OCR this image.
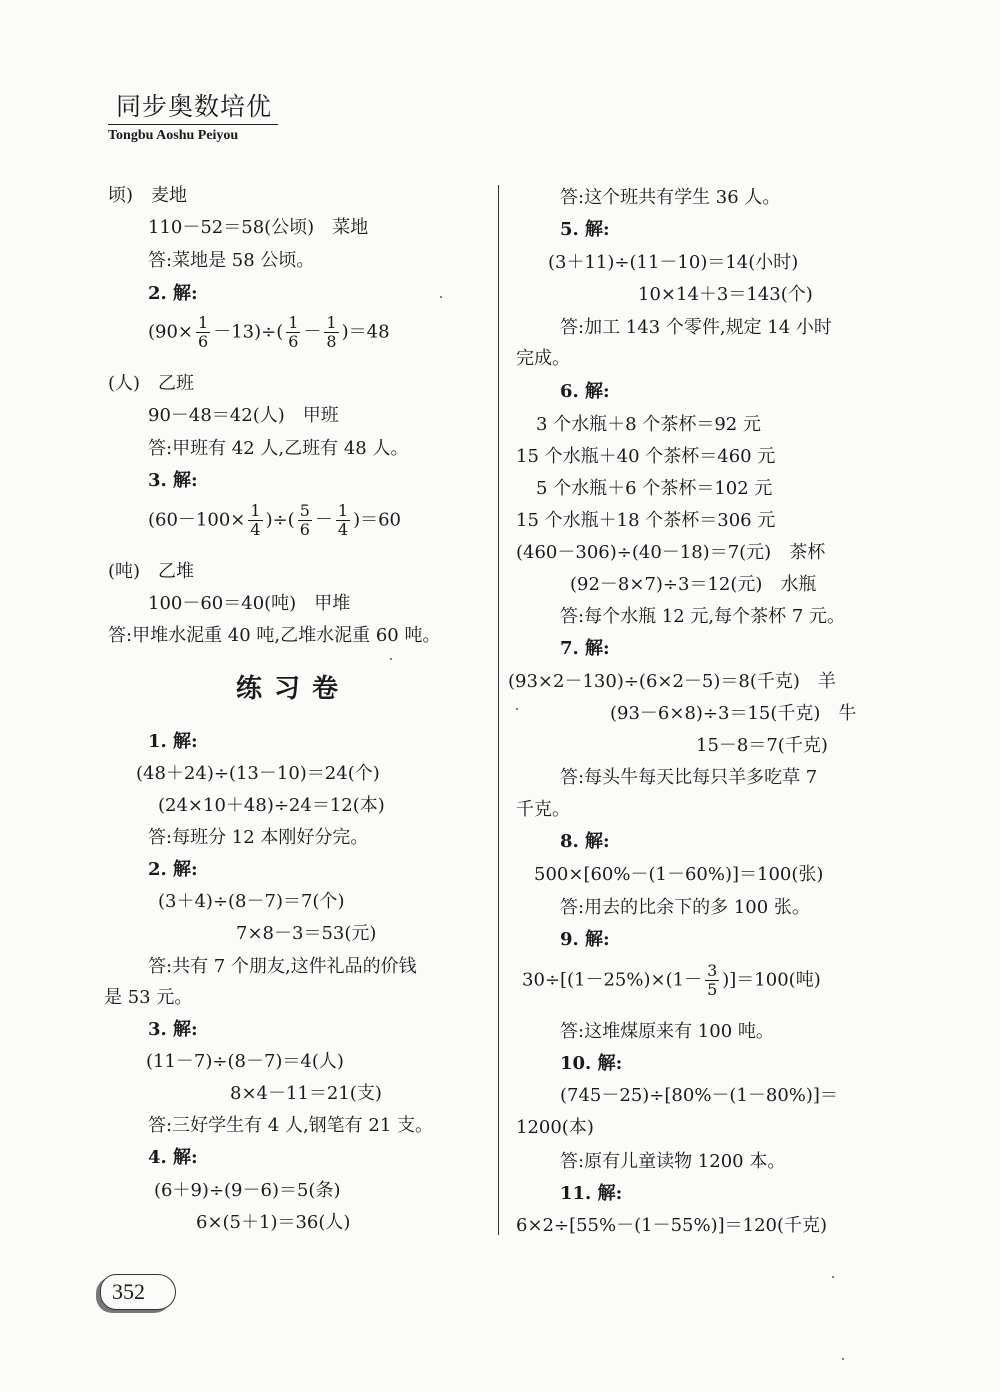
同步奥数培优
Tongbu Aoshu Peiyou
顷)　麦地
110－52＝58(公顷)　菜地
答:菜地是 58 公顷。
2. 解:
$(90\times \frac{1}{6} -13)\div( \frac{1}{6} - \frac{1}{8} )=48$
(人)　乙班
90－48＝42(人)　甲班
答:甲班有 42 人,乙班有 48 人。
3. 解:
($60-100\times \frac{1}{4}$ )÷( $\frac{5}{6} - \frac{1}{4} )=60$
(吨)　乙堆
100－60＝40(吨)　甲堆
答:甲堆水泥重 40 吨,乙堆水泥重 60 吨。
练习卷
1. 解:
(48＋24)÷(13－10)＝24(个)
(24×10＋48)÷24＝12(本)
答:每班分 12 本刚好分完。
2. 解:
(3＋4)÷(8－7)＝7(个)
7×8－3＝53(元)
答:共有 7 个朋友,这件礼品的价钱
是 53 元。
3. 解:
(11－7)÷(8－7)＝4(人)
8×4－11＝21(支)
答:三好学生有 4 人,钢笔有 21 支。
4. 解:
(6＋9)÷(9－6)＝5(条)
6×(5＋1)＝36(人)
答:这个班共有学生 36 人。
5. 解:
(3＋11)÷(11－10)＝14(小时)
10×14＋3＝143(个)
答:加工 143 个零件,规定 14 小时
完成。
6. 解:
3 个水瓶＋8 个茶杯＝92 元
15 个水瓶＋40 个茶杯＝460 元
5 个水瓶＋6 个茶杯＝102 元
15 个水瓶＋18 个茶杯＝306 元
(460－306)÷(40－18)＝7(元)　茶杯
(92－8×7)÷3＝12(元)　水瓶
答:每个水瓶 12 元,每个茶杯 7 元。
7. 解:
(93×2－130)÷(6×2－5)＝8(千克)　羊
(93－6×8)÷3＝15(千克)　牛
15－8＝7(千克)
答:每头牛每天比每只羊多吃草 7
千克。
8. 解:
500×[60%－(1－60%)]＝100(张)
答:用去的比余下的多 100 张。
9. 解:
$30\div[(1-25\%)\times(1- \frac{3}{5} )]=100$(吨)
答:这堆煤原来有 100 吨。
10. 解:
(745－25)÷[80%－(1－80%)]＝
1200(本)
答:原有儿童读物 1200 本。
11. 解:
6×2÷[55%－(1－55%)]＝120(千克)
352
